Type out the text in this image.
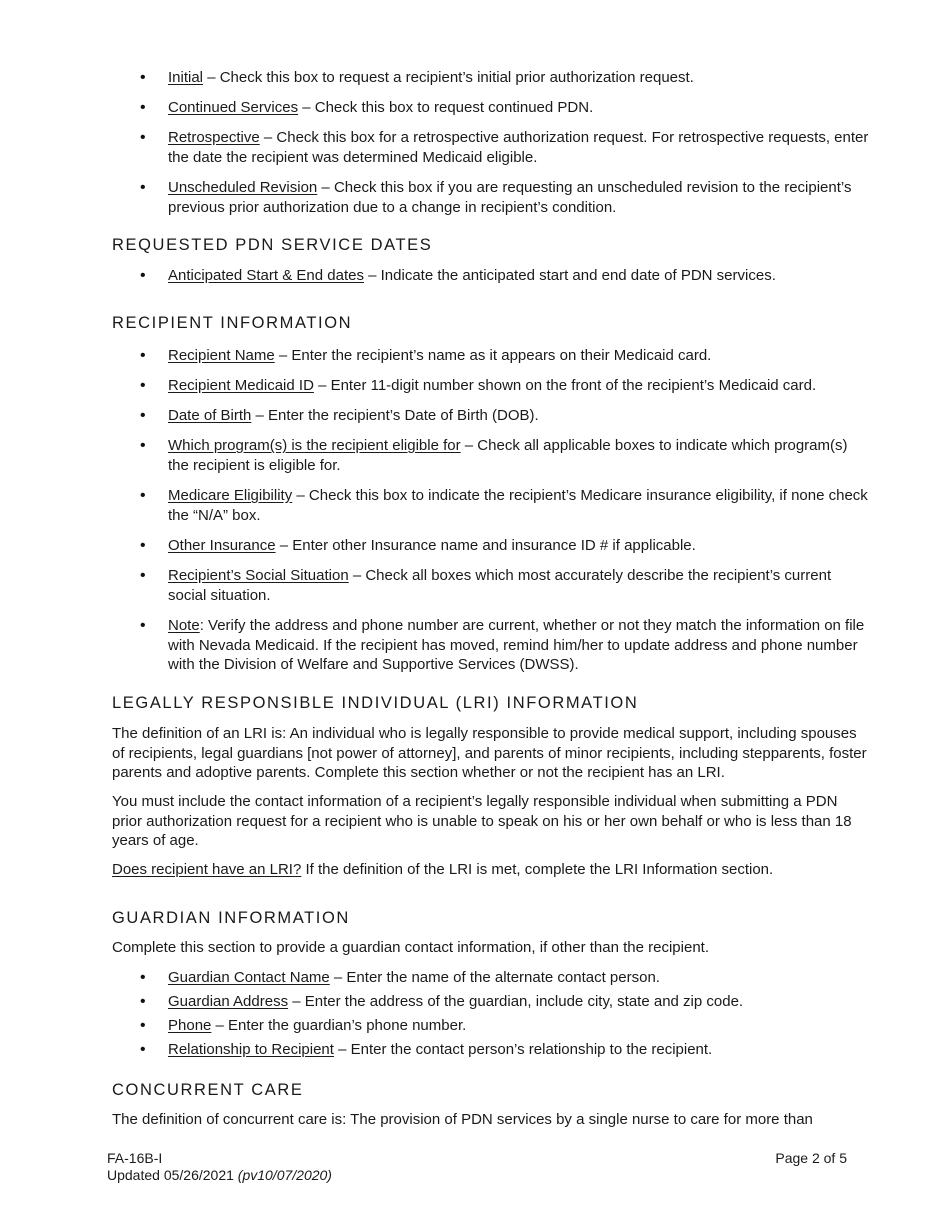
• Initial – Check this box to request a recipient’s initial prior authorization request.
• Continued Services – Check this box to request continued PDN.
• Retrospective – Check this box for a retrospective authorization request. For retrospective requests, enter the date the recipient was determined Medicaid eligible.
• Unscheduled Revision – Check this box if you are requesting an unscheduled revision to the recipient’s previous prior authorization due to a change in recipient’s condition.
REQUESTED PDN SERVICE DATES
• Anticipated Start & End dates – Indicate the anticipated start and end date of PDN services.
RECIPIENT INFORMATION
• Recipient Name – Enter the recipient’s name as it appears on their Medicaid card.
• Recipient Medicaid ID – Enter 11-digit number shown on the front of the recipient’s Medicaid card.
• Date of Birth – Enter the recipient’s Date of Birth (DOB).
• Which program(s) is the recipient eligible for – Check all applicable boxes to indicate which program(s) the recipient is eligible for.
• Medicare Eligibility – Check this box to indicate the recipient’s Medicare insurance eligibility, if none check the “N/A” box.
• Other Insurance – Enter other Insurance name and insurance ID # if applicable.
• Recipient’s Social Situation – Check all boxes which most accurately describe the recipient’s current social situation.
• Note: Verify the address and phone number are current, whether or not they match the information on file with Nevada Medicaid. If the recipient has moved, remind him/her to update address and phone number with the Division of Welfare and Supportive Services (DWSS).
LEGALLY RESPONSIBLE INDIVIDUAL (LRI) INFORMATION

The definition of an LRI is: An individual who is legally responsible to provide medical support, including spouses of recipients, legal guardians [not power of attorney], and parents of minor recipients, including stepparents, foster parents and adoptive parents. Complete this section whether or not the recipient has an LRI.

You must include the contact information of a recipient’s legally responsible individual when submitting a PDN prior authorization request for a recipient who is unable to speak on his or her own behalf or who is less than 18 years of age.

Does recipient have an LRI? If the definition of the LRI is met, complete the LRI Information section.

GUARDIAN INFORMATION

Complete this section to provide a guardian contact information, if other than the recipient.

• Guardian Contact Name – Enter the name of the alternate contact person.
• Guardian Address – Enter the address of the guardian, include city, state and zip code.
• Phone – Enter the guardian’s phone number.
• Relationship to Recipient – Enter the contact person’s relationship to the recipient.
CONCURRENT CARE

The definition of concurrent care is: The provision of PDN services by a single nurse to care for more than

FA-16B-I
Updated 05/26/2021 (pv10/07/2020)
Page 2 of 5
